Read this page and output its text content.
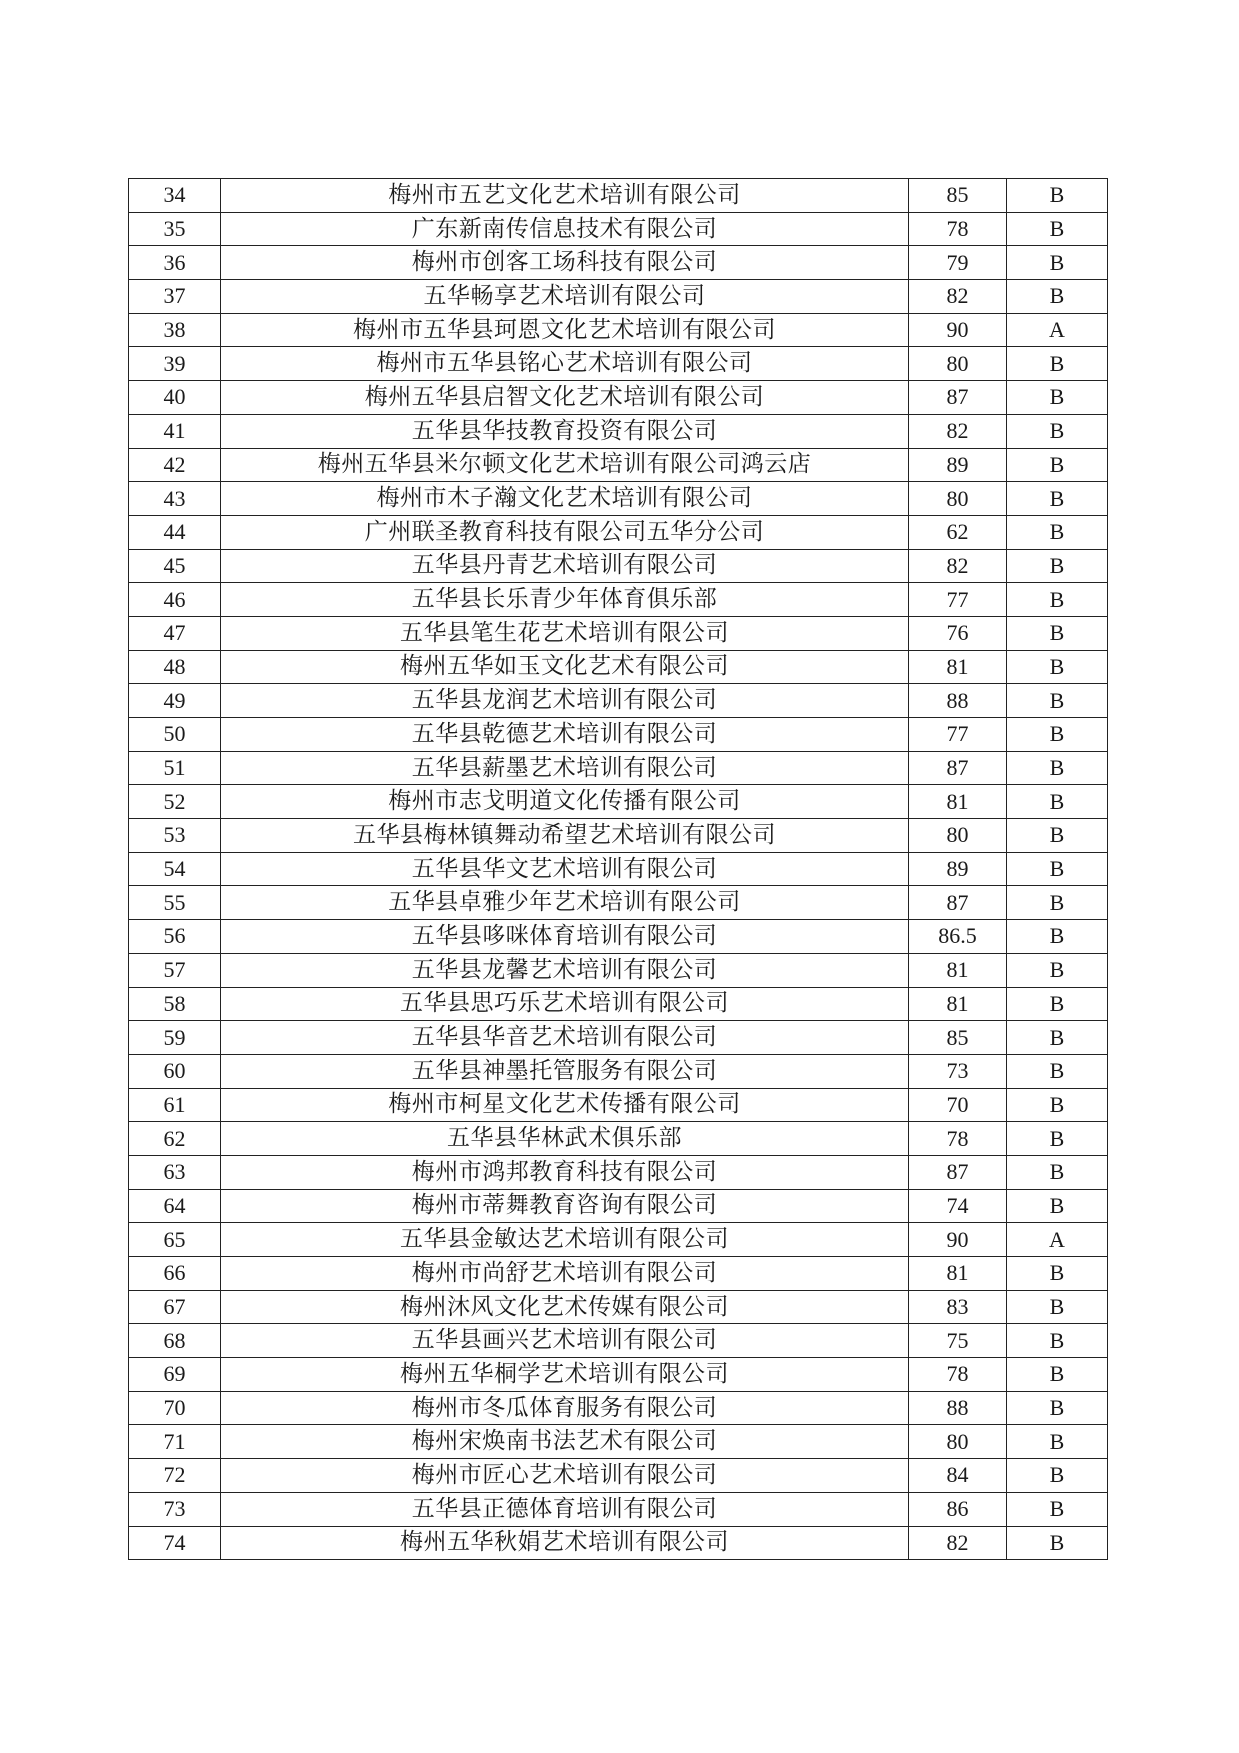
34	梅州市五艺文化艺术培训有限公司	85	B
35	广东新南传信息技术有限公司	78	B
36	梅州市创客工场科技有限公司	79	B
37	五华畅享艺术培训有限公司	82	B
38	梅州市五华县珂恩文化艺术培训有限公司	90	A
39	梅州市五华县铭心艺术培训有限公司	80	B
40	梅州五华县启智文化艺术培训有限公司	87	B
41	五华县华技教育投资有限公司	82	B
42	梅州五华县米尔顿文化艺术培训有限公司鸿云店	89	B
43	梅州市木子瀚文化艺术培训有限公司	80	B
44	广州联圣教育科技有限公司五华分公司	62	B
45	五华县丹青艺术培训有限公司	82	B
46	五华县长乐青少年体育俱乐部	77	B
47	五华县笔生花艺术培训有限公司	76	B
48	梅州五华如玉文化艺术有限公司	81	B
49	五华县龙润艺术培训有限公司	88	B
50	五华县乾德艺术培训有限公司	77	B
51	五华县薪墨艺术培训有限公司	87	B
52	梅州市志戈明道文化传播有限公司	81	B
53	五华县梅林镇舞动希望艺术培训有限公司	80	B
54	五华县华文艺术培训有限公司	89	B
55	五华县卓雅少年艺术培训有限公司	87	B
56	五华县哆咪体育培训有限公司	86.5	B
57	五华县龙馨艺术培训有限公司	81	B
58	五华县思巧乐艺术培训有限公司	81	B
59	五华县华音艺术培训有限公司	85	B
60	五华县神墨托管服务有限公司	73	B
61	梅州市柯星文化艺术传播有限公司	70	B
62	五华县华林武术俱乐部	78	B
63	梅州市鸿邦教育科技有限公司	87	B
64	梅州市蒂舞教育咨询有限公司	74	B
65	五华县金敏达艺术培训有限公司	90	A
66	梅州市尚舒艺术培训有限公司	81	B
67	梅州沐风文化艺术传媒有限公司	83	B
68	五华县画兴艺术培训有限公司	75	B
69	梅州五华桐学艺术培训有限公司	78	B
70	梅州市冬瓜体育服务有限公司	88	B
71	梅州宋焕南书法艺术有限公司	80	B
72	梅州市匠心艺术培训有限公司	84	B
73	五华县正德体育培训有限公司	86	B
74	梅州五华秋娟艺术培训有限公司	82	B
